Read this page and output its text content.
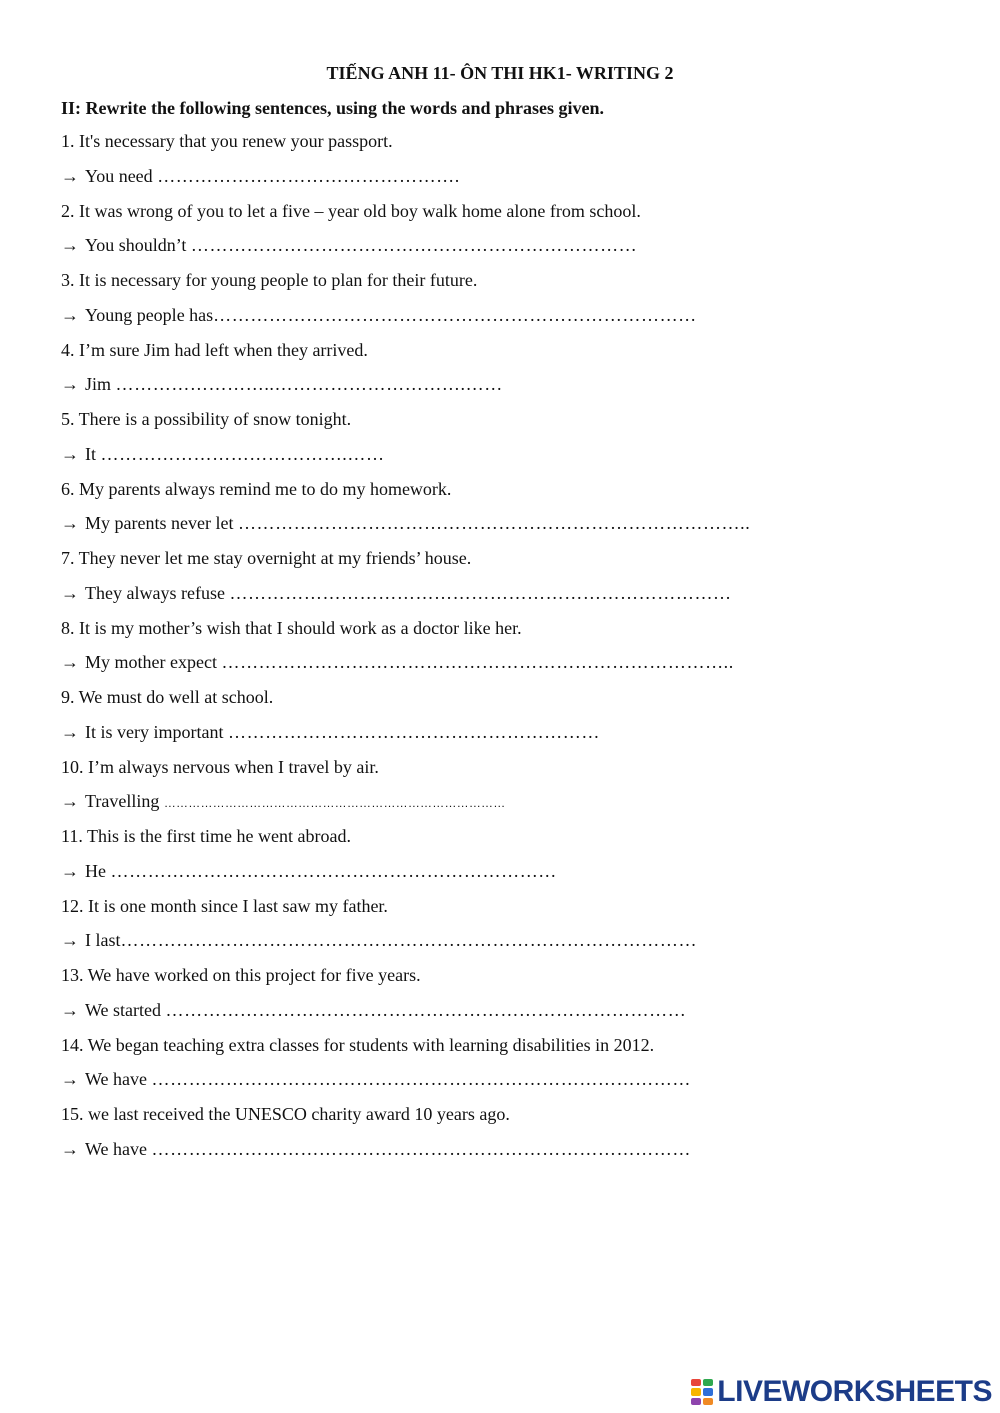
TIẾNG ANH 11- ÔN THI HK1- WRITING 2
II: Rewrite the following sentences, using the words and phrases given.
1. It's necessary that you renew your passport.
→ You need ………………………………………….
2. It was wrong of you to let a five – year old boy walk home alone from school.
→ You shouldn’t ………………………………………………………………
3. It is necessary for young people to plan for their future.
→ Young people has……………………………………………………………………
4. I’m sure Jim had left when they arrived.
→ Jim ……………………..………………………….……
5. There is a possibility of snow tonight.
→ It ………………………………….……
6. My parents always remind me to do my homework.
→ My parents never let ………………………………………………………………………..
7. They never let me stay overnight at my friends’ house.
→ They always refuse ………………………………………………………………………
8. It is my mother’s wish that I should work as a doctor like her.
→ My mother expect ………………………………………………………………………..
9. We must do well at school.
→ It is very important ……………………………………………………
10. I’m always nervous when I travel by air.
→ Travelling …………………………………………………………………………
11. This is the first time he went abroad.
→ He ………………………………………………………………
12. It is one month since I last saw my father.
→ I last…………………………………………………………………………………
13. We have worked on this project for five years.
→ We started …………………………………………………………………………
14. We began teaching extra classes for students with learning disabilities in 2012.
→ We have ……………………………………………………………………………
15. we last received the UNESCO charity award 10 years ago.
→ We have ……………………………………………………………………………
LIVEWORKSHEETS
